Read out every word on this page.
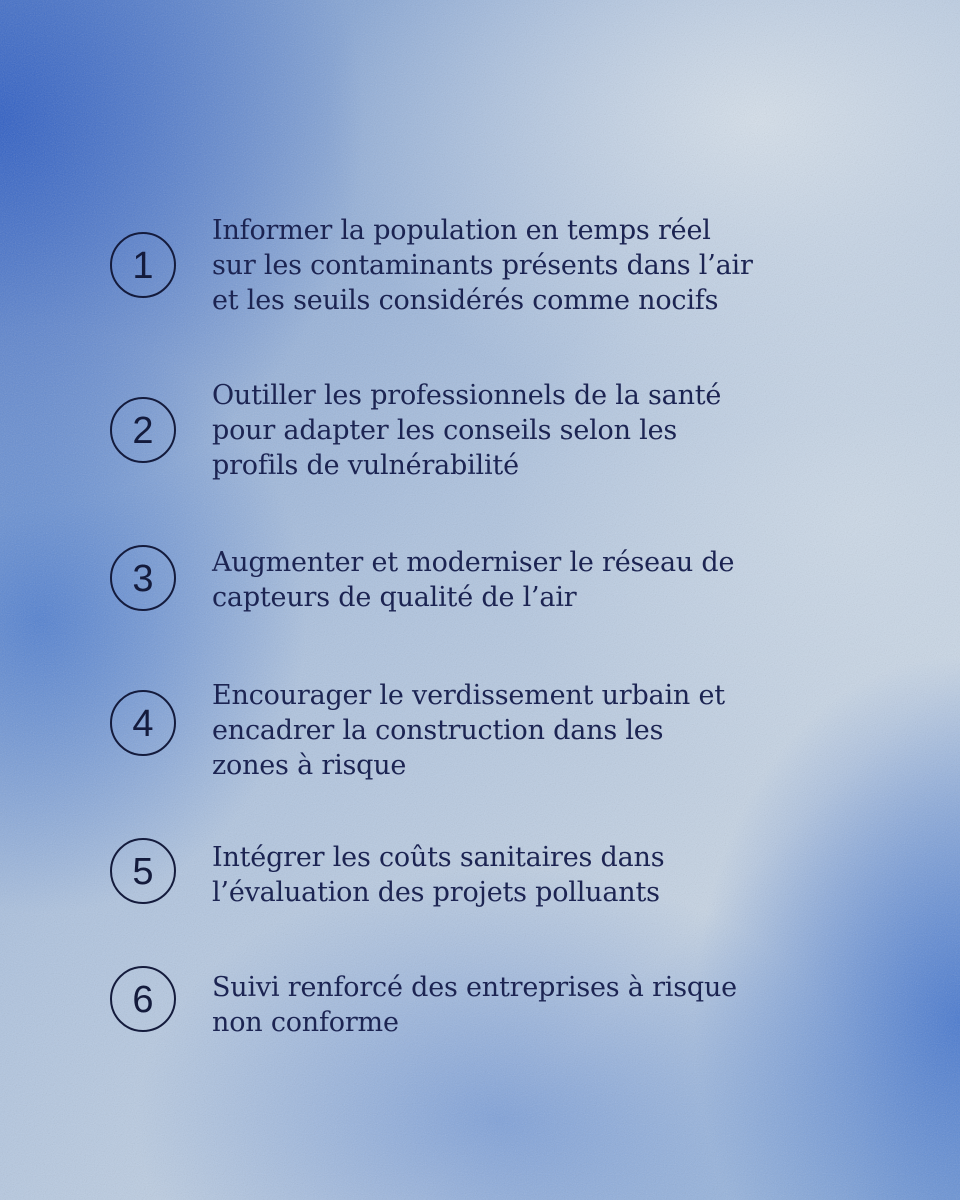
1
Informer la population en temps réel
sur les contaminants présents dans l’air
et les seuils considérés comme nocifs
2
Outiller les professionnels de la santé
pour adapter les conseils selon les
profils de vulnérabilité
3 Augmenter et moderniser le réseau de
capteurs de qualité de l’air
4
Encourager le verdissement urbain et
encadrer la construction dans les
zones à risque
5 Intégrer les coûts sanitaires dans
l’évaluation des projets polluants
6 Suivi renforcé des entreprises à risque
non conforme
